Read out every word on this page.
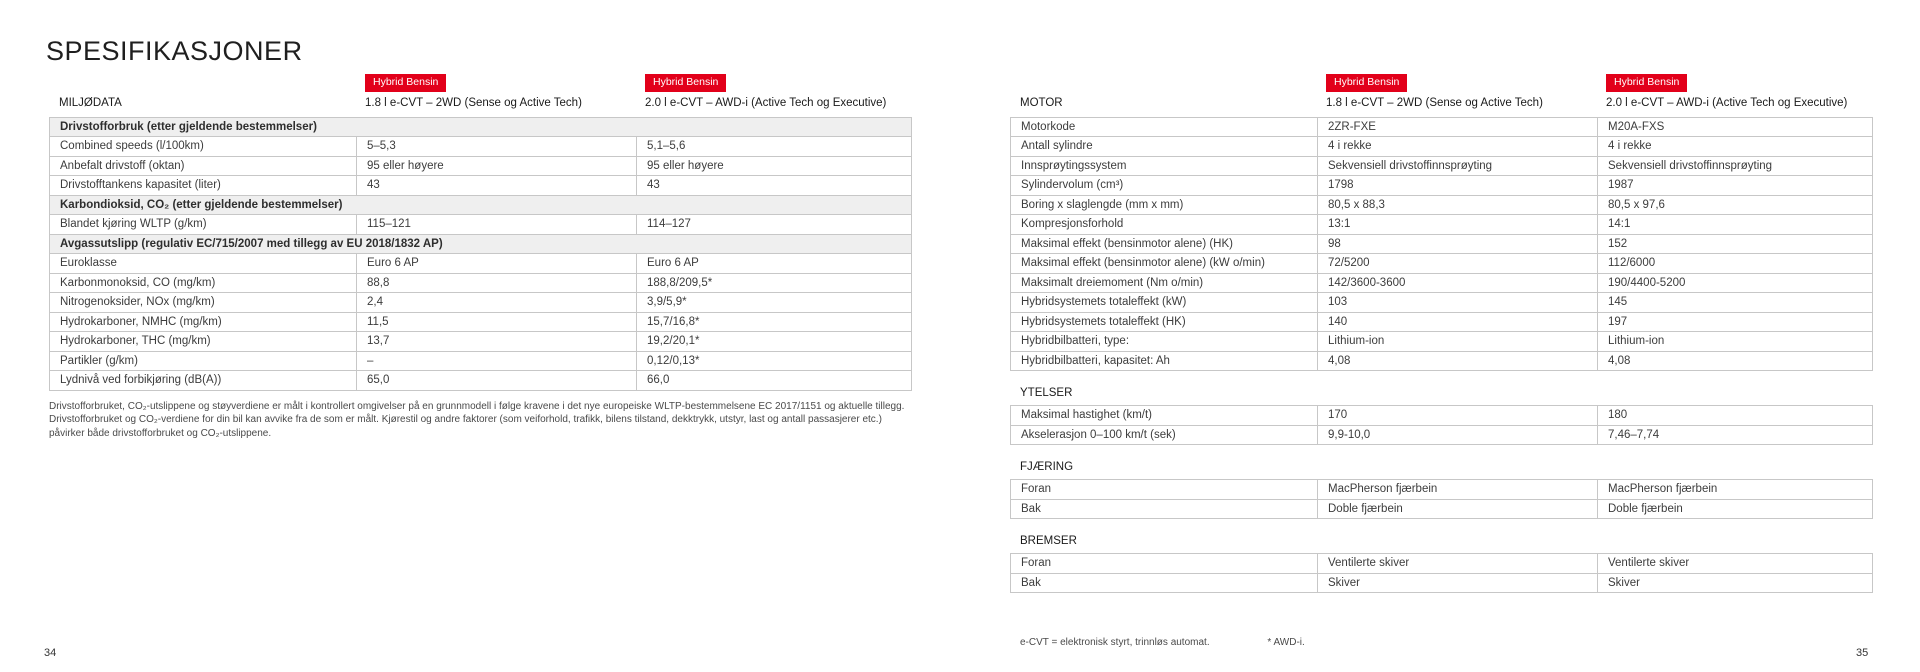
SPESIFIKASJONER
MILJØDATA
Hybrid Bensin
1.8 l e-CVT – 2WD (Sense og Active Tech)
Hybrid Bensin
2.0 l e-CVT – AWD-i (Active Tech og Executive)
Drivstofforbruk (etter gjeldende bestemmelser)
Combined speeds (l/100km)	5–5,3	5,1–5,6
Anbefalt drivstoff (oktan)	95 eller høyere	95 eller høyere
Drivstofftankens kapasitet (liter)	43	43
Karbondioksid, CO₂ (etter gjeldende bestemmelser)
Blandet kjøring WLTP (g/km)	115–121	114–127
Avgassutslipp (regulativ EC/715/2007 med tillegg av EU 2018/1832 AP)
Euroklasse	Euro 6 AP	Euro 6 AP
Karbonmonoksid, CO (mg/km)	88,8	188,8/209,5*
Nitrogenoksider, NOx (mg/km)	2,4	3,9/5,9*
Hydrokarboner, NMHC (mg/km)	11,5	15,7/16,8*
Hydrokarboner, THC (mg/km)	13,7	19,2/20,1*
Partikler (g/km)	–	0,12/0,13*
Lydnivå ved forbikjøring (dB(A))	65,0	66,0
Drivstofforbruket, CO₂-utslippene og støyverdiene er målt i kontrollert omgivelser på en grunnmodell i følge kravene i det nye europeiske WLTP-bestemmelsene EC 2017/1151 og aktuelle tillegg. Drivstofforbruket og CO₂-verdiene for din bil kan avvike fra de som er målt. Kjørestil og andre faktorer (som veiforhold, trafikk, bilens tilstand, dekktrykk, utstyr, last og antall passasjerer etc.) påvirker både drivstofforbruket og CO₂-utslippene.
MOTOR
Hybrid Bensin
1.8 l e-CVT – 2WD (Sense og Active Tech)
Hybrid Bensin
2.0 l e-CVT – AWD-i (Active Tech og Executive)
Motorkode	2ZR-FXE	M20A-FXS
Antall sylindre	4 i rekke	4 i rekke
Innsprøytingssystem	Sekvensiell drivstoffinnsprøyting	Sekvensiell drivstoffinnsprøyting
Sylindervolum (cm³)	1798	1987
Boring x slaglengde (mm x mm)	80,5 x 88,3	80,5 x 97,6
Kompresjonsforhold	13:1	14:1
Maksimal effekt (bensinmotor alene) (HK)	98	152
Maksimal effekt (bensinmotor alene) (kW o/min)	72/5200	112/6000
Maksimalt dreiemoment (Nm o/min)	142/3600-3600	190/4400-5200
Hybridsystemets totaleffekt (kW)	103	145
Hybridsystemets totaleffekt (HK)	140	197
Hybridbilbatteri, type:	Lithium-ion	Lithium-ion
Hybridbilbatteri, kapasitet: Ah	4,08	4,08
YTELSER
Maksimal hastighet (km/t)	170	180
Akselerasjon 0–100 km/t (sek)	9,9-10,0	7,46–7,74
FJÆRING
Foran	MacPherson fjærbein	MacPherson fjærbein
Bak	Doble fjærbein	Doble fjærbein
BREMSER
Foran	Ventilerte skiver	Ventilerte skiver
Bak	Skiver	Skiver
e-CVT = elektronisk styrt, trinnløs automat.	* AWD-i.
34	35
